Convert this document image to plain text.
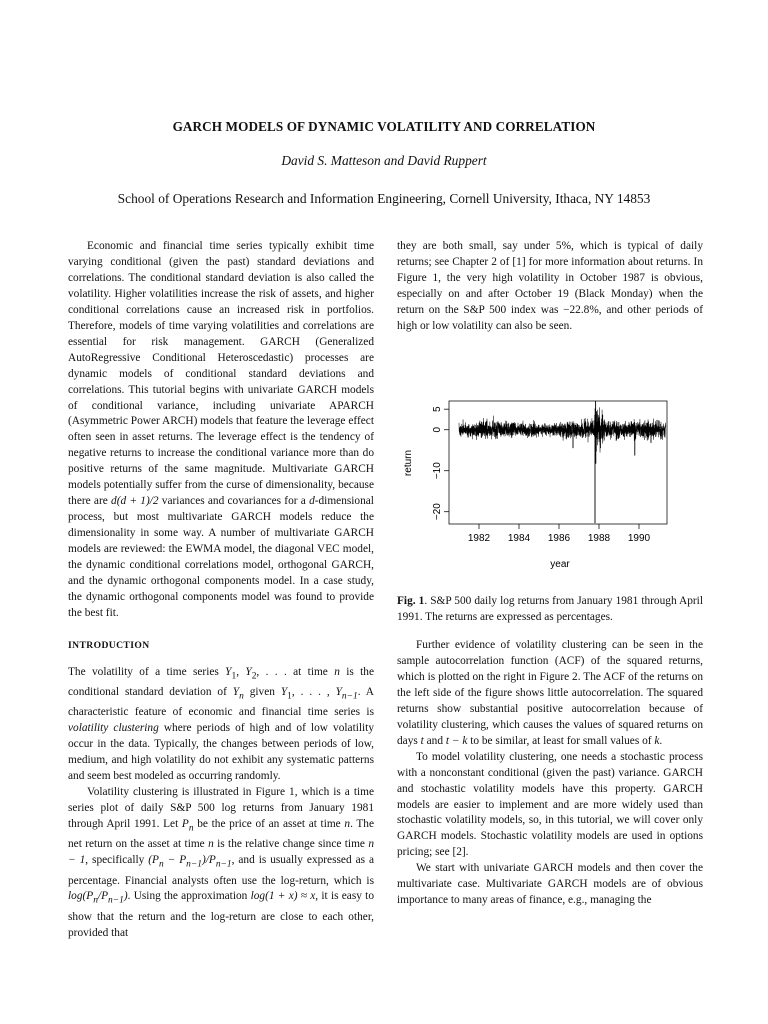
GARCH MODELS OF DYNAMIC VOLATILITY AND CORRELATION
David S. Matteson and David Ruppert
School of Operations Research and Information Engineering, Cornell University, Ithaca, NY 14853

Economic and financial time series typically exhibit time varying conditional (given the past) standard deviations and correlations. The conditional standard deviation is also called the volatility. Higher volatilities increase the risk of assets, and higher conditional correlations cause an increased risk in portfolios. Therefore, models of time varying volatilities and correlations are essential for risk management. GARCH (Generalized AutoRegressive Conditional Heteroscedastic) processes are dynamic models of conditional standard deviations and correlations. This tutorial begins with univariate GARCH models of conditional variance, including univariate APARCH (Asymmetric Power ARCH) models that feature the leverage effect often seen in asset returns. The leverage effect is the tendency of negative returns to increase the conditional variance more than do positive returns of the same magnitude. Multivariate GARCH models potentially suffer from the curse of dimensionality, because there are d(d + 1)/2 variances and covariances for a d-dimensional process, but most multivariate GARCH models reduce the dimensionality in some way. A number of multivariate GARCH models are reviewed: the EWMA model, the diagonal VEC model, the dynamic conditional correlations model, orthogonal GARCH, and the dynamic orthogonal components model. In a case study, the dynamic orthogonal components model was found to provide the best fit.

INTRODUCTION

The volatility of a time series $Y_1$, $Y_2$, . . . at time n is the conditional standard deviation of $Y_n$ given $Y_1$, . . . , $Y_{n-1}$. A characteristic feature of economic and financial time series is volatility clustering where periods of high and of low volatility occur in the data. Typically, the changes between periods of low, medium, and high volatility do not exhibit any systematic patterns and seem best modeled as occurring randomly.

Volatility clustering is illustrated in Figure 1, which is a time series plot of daily S&P 500 log returns from January 1981 through April 1991. Let $P_n$ be the price of an asset at time n. The net return on the asset at time n is the relative change since time n − 1, specifically $(P_n - P_{n-1})/P_{n-1}$, and is usually expressed as a percentage. Financial analysts often use the log-return, which is $\log(P_n/P_{n-1})$. Using the approximation log(1 + x) ≈ x, it is easy to show that the return and the log-return are close to each other, provided that

they are both small, say under 5%, which is typical of daily returns; see Chapter 2 of [1] for more information about returns. In Figure 1, the very high volatility in October 1987 is obvious, especially on and after October 19 (Black Monday) when the return on the S&P 500 index was −22.8%, and other periods of high or low volatility can also be seen.

1982 1984 1986 1988 1990
−20
−10
0
5
year
return
Fig. 1. S&P 500 daily log returns from January 1981 through April 1991. The returns are expressed as percentages.

Further evidence of volatility clustering can be seen in the sample autocorrelation function (ACF) of the squared returns, which is plotted on the right in Figure 2. The ACF of the returns on the left side of the figure shows little autocorrelation. The squared returns show substantial positive autocorrelation because of volatility clustering, which causes the values of squared returns on days t and t − k to be similar, at least for small values of k.

To model volatility clustering, one needs a stochastic process with a nonconstant conditional (given the past) variance. GARCH and stochastic volatility models have this property. GARCH models are easier to implement and are more widely used than stochastic volatility models, so, in this tutorial, we will cover only GARCH models. Stochastic volatility models are used in options pricing; see [2].

We start with univariate GARCH models and then cover the multivariate case. Multivariate GARCH models are of obvious importance to many areas of finance, e.g., managing the
